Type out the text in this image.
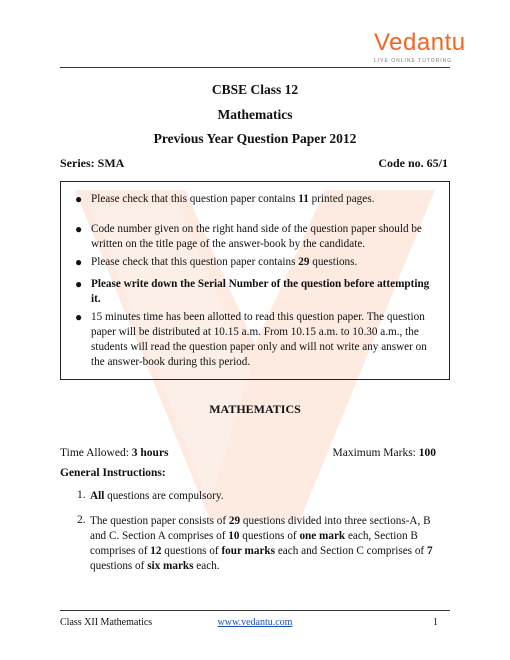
Vedantu
LIVE ONLINE TUTORING
CBSE Class 12
Mathematics
Previous Year Question Paper 2012
Series: SMA	Code no. 65/1
● Please check that this question paper contains 11 printed pages.
● Code number given on the right hand side of the question paper should be written on the title page of the answer-book by the candidate.
● Please check that this question paper contains 29 questions.
● Please write down the Serial Number of the question before attempting it.
● 15 minutes time has been allotted to read this question paper. The question paper will be distributed at 10.15 a.m. From 10.15 a.m. to 10.30 a.m., the students will read the question paper only and will not write any answer on the answer-book during this period.
MATHEMATICS
Time Allowed: 3 hours	Maximum Marks: 100
General Instructions:
1. All questions are compulsory.
2. The question paper consists of 29 questions divided into three sections-A, B and C. Section A comprises of 10 questions of one mark each, Section B comprises of 12 questions of four marks each and Section C comprises of 7 questions of six marks each.
Class XII Mathematics	www.vedantu.com	1
